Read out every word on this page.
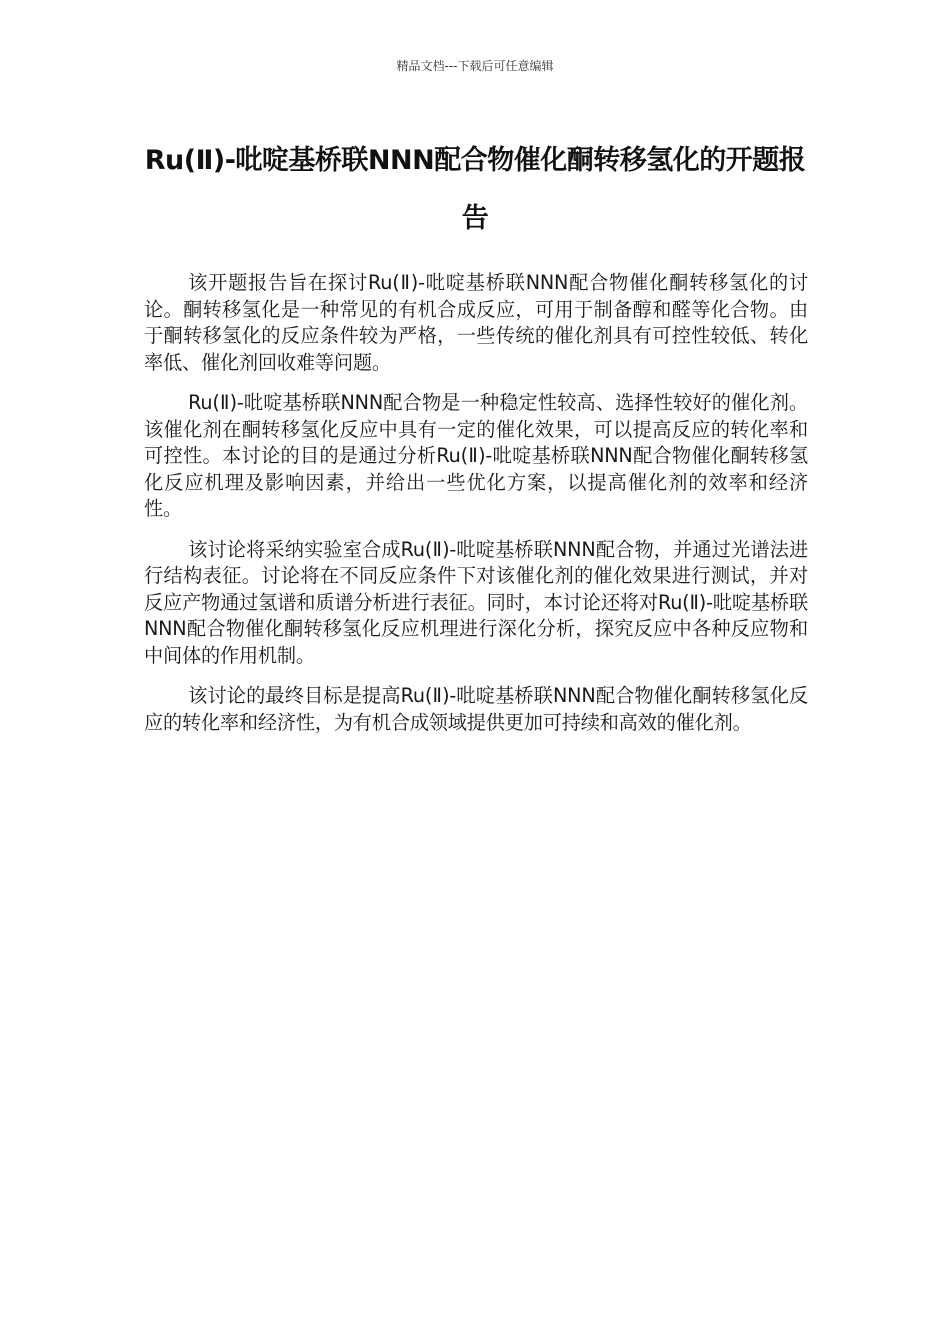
精品文档---下载后可任意编辑
Ru(Ⅱ)-吡啶基桥联NNN配合物催化酮转移氢化的开题报告

该开题报告旨在探讨Ru(Ⅱ)-吡啶基桥联NNN配合物催化酮转移氢化的讨论。酮转移氢化是一种常见的有机合成反应，可用于制备醇和醛等化合物。由于酮转移氢化的反应条件较为严格，一些传统的催化剂具有可控性较低、转化率低、催化剂回收难等问题。

Ru(Ⅱ)-吡啶基桥联NNN配合物是一种稳定性较高、选择性较好的催化剂。该催化剂在酮转移氢化反应中具有一定的催化效果，可以提高反应的转化率和可控性。本讨论的目的是通过分析Ru(Ⅱ)-吡啶基桥联NNN配合物催化酮转移氢化反应机理及影响因素，并给出一些优化方案，以提高催化剂的效率和经济性。

该讨论将采纳实验室合成Ru(Ⅱ)-吡啶基桥联NNN配合物，并通过光谱法进行结构表征。讨论将在不同反应条件下对该催化剂的催化效果进行测试，并对反应产物通过氢谱和质谱分析进行表征。同时，本讨论还将对Ru(Ⅱ)-吡啶基桥联NNN配合物催化酮转移氢化反应机理进行深化分析，探究反应中各种反应物和中间体的作用机制。

该讨论的最终目标是提高Ru(Ⅱ)-吡啶基桥联NNN配合物催化酮转移氢化反应的转化率和经济性，为有机合成领域提供更加可持续和高效的催化剂。
